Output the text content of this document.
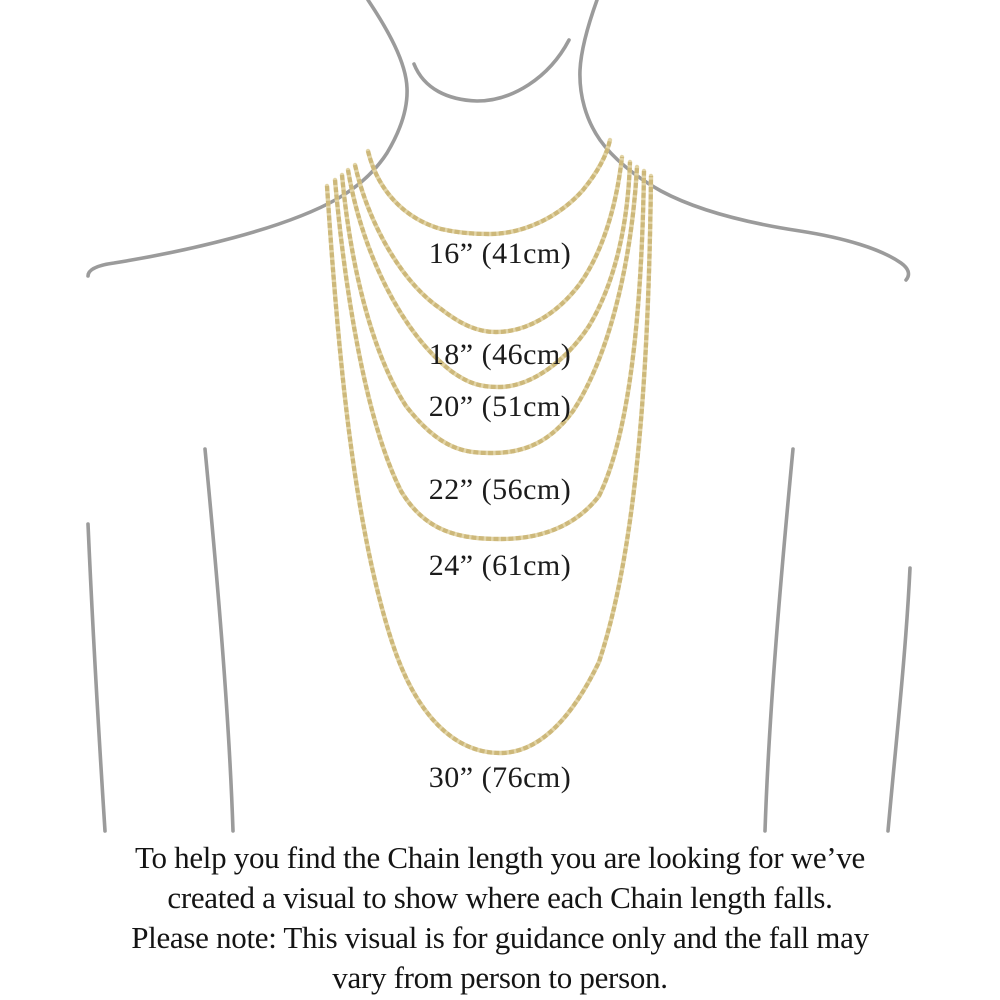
16” (41cm)
18” (46cm)
20” (51cm)
22” (56cm)
24” (61cm)
30” (76cm)
To help you find the Chain length you are looking for we’ve
created a visual to show where each Chain length falls.
Please note: This visual is for guidance only and the fall may
vary from person to person.
